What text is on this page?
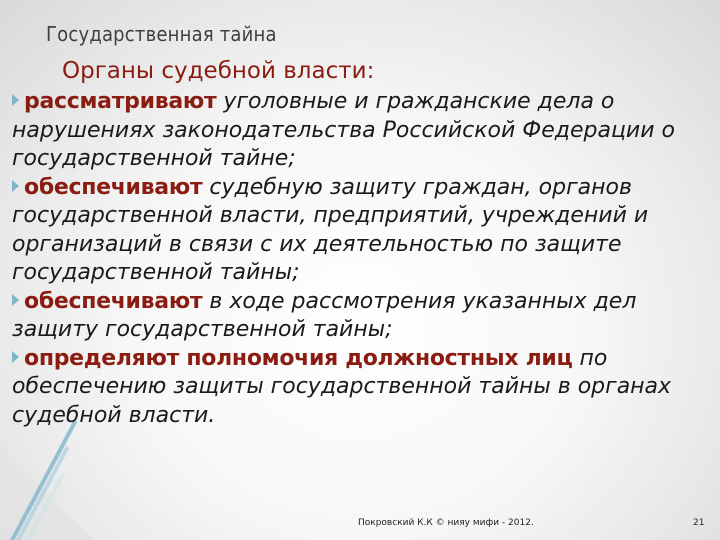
Государственная тайна
Органы судебной власти:
рассматривают уголовные и гражданские дела о нарушениях законодательства Российской Федерации о государственной тайне;
обеспечивают судебную защиту граждан, органов государственной власти, предприятий, учреждений и организаций в связи с их деятельностью по защите государственной тайны;
обеспечивают в ходе рассмотрения указанных дел защиту государственной тайны;
определяют полномочия должностных лиц по обеспечению защиты государственной тайны в органах судебной власти.
Покровский К.К © нияу мифи - 2012.	21
